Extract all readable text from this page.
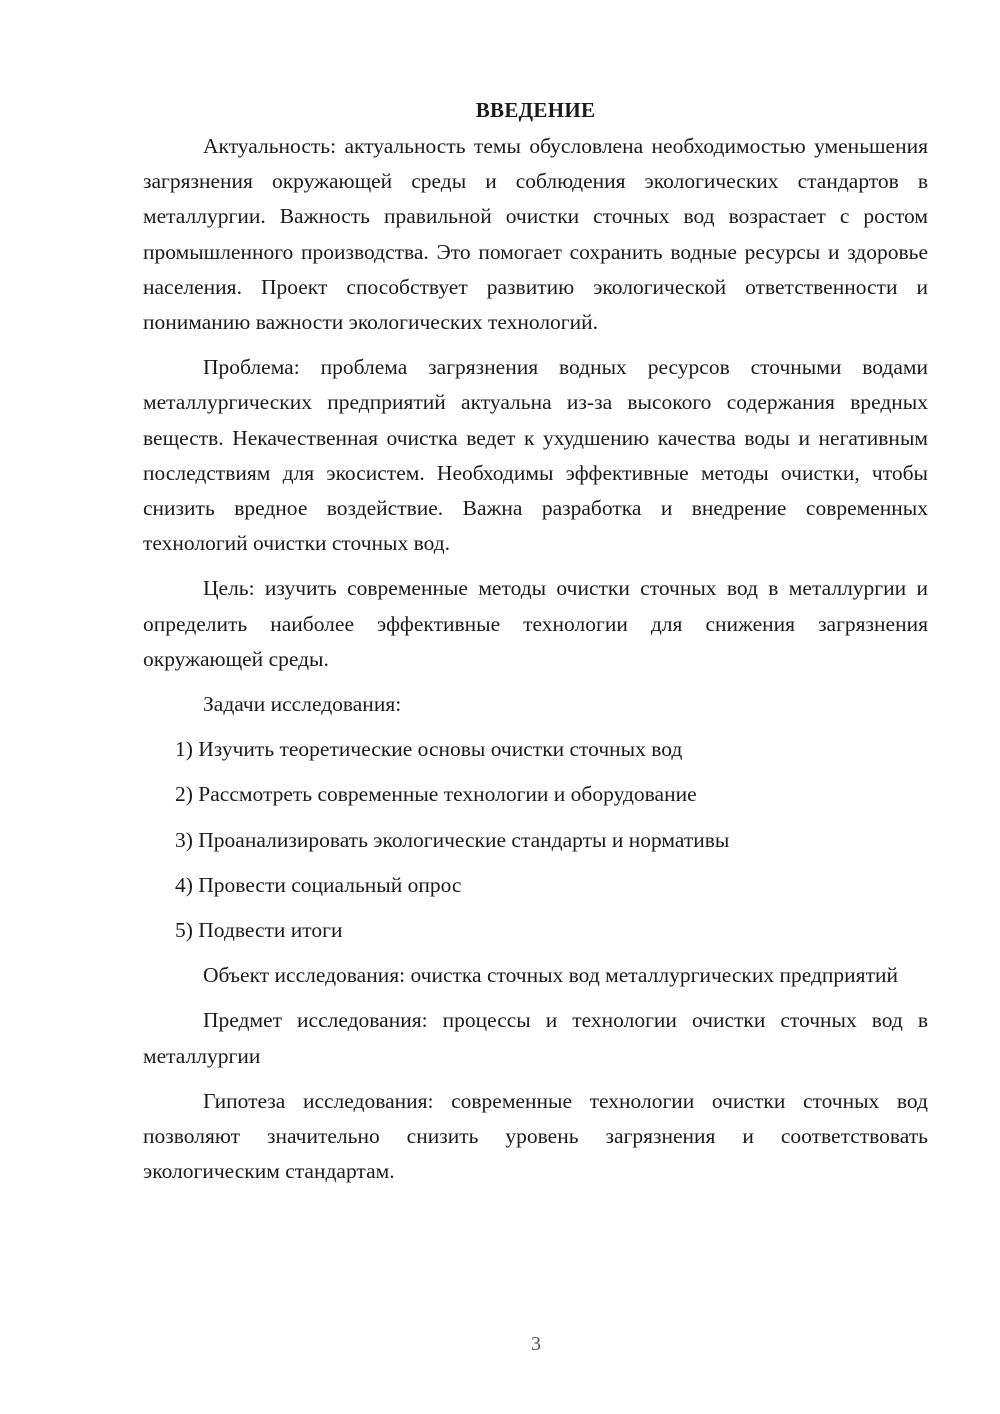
ВВЕДЕНИЕ

Актуальность: актуальность темы обусловлена необходимостью уменьшения загрязнения окружающей среды и соблюдения экологических стандартов в металлургии. Важность правильной очистки сточных вод возрастает с ростом промышленного производства. Это помогает сохранить водные ресурсы и здоровье населения. Проект способствует развитию экологической ответственности и пониманию важности экологических технологий.

Проблема: проблема загрязнения водных ресурсов сточными водами металлургических предприятий актуальна из-за высокого содержания вредных веществ. Некачественная очистка ведет к ухудшению качества воды и негативным последствиям для экосистем. Необходимы эффективные методы очистки, чтобы снизить вредное воздействие. Важна разработка и внедрение современных технологий очистки сточных вод.

Цель: изучить современные методы очистки сточных вод в металлургии и определить наиболее эффективные технологии для снижения загрязнения окружающей среды.

Задачи исследования:

1) Изучить теоретические основы очистки сточных вод
2) Рассмотреть современные технологии и оборудование
3) Проанализировать экологические стандарты и нормативы
4) Провести социальный опрос
5) Подвести итоги

Объект исследования: очистка сточных вод металлургических предприятий

Предмет исследования: процессы и технологии очистки сточных вод в металлургии

Гипотеза исследования: современные технологии очистки сточных вод позволяют значительно снизить уровень загрязнения и соответствовать экологическим стандартам.

3
